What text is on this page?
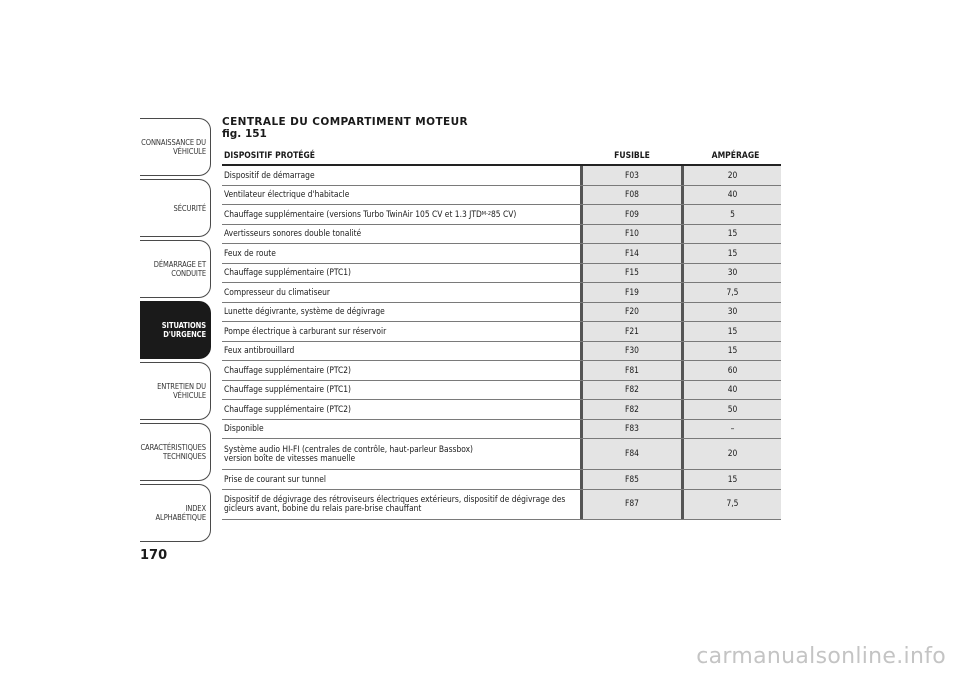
CONNAISSANCE DU
VÉHICULE
SÉCURITÉ
DÉMARRAGE ET
CONDUITE
SITUATIONS
D'URGENCE
ENTRETIEN DU
VÉHICULE
CARACTÉRISTIQUES
TECHNIQUES
INDEX
ALPHABÉTIQUE
170
CENTRALE DU COMPARTIMENT MOTEUR
fig. 151
DISPOSITIF PROTÉGÉ	FUSIBLE	AMPÉRAGE
Dispositif de démarrage	F03	20
Ventilateur électrique d'habitacle	F08	40
Chauffage supplémentaire (versions Turbo TwinAir 105 CV et 1.3 JTD M-2 85 CV)	F09	5
Avertisseurs sonores double tonalité	F10	15
Feux de route	F14	15
Chauffage supplémentaire (PTC1)	F15	30
Compresseur du climatiseur	F19	7,5
Lunette dégivrante, système de dégivrage	F20	30
Pompe électrique à carburant sur réservoir	F21	15
Feux antibrouillard	F30	15
Chauffage supplémentaire (PTC2)	F81	60
Chauffage supplémentaire (PTC1)	F82	40
Chauffage supplémentaire (PTC2)	F82	50
Disponible	F83	–
Système audio HI-FI (centrales de contrôle, haut-parleur Bassbox)
version boîte de vitesses manuelle	F84	20
Prise de courant sur tunnel	F85	15
Dispositif de dégivrage des rétroviseurs électriques extérieurs, dispositif de dégivrage des
gicleurs avant, bobine du relais pare-brise chauffant	F87	7,5
carmanualsonline.info
